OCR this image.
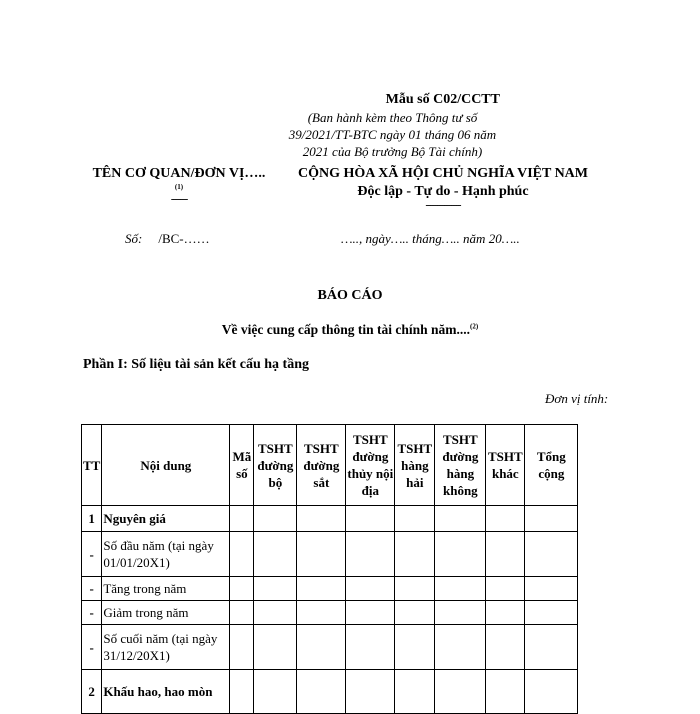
Mẫu số C02/CCTT
(Ban hành kèm theo Thông tư số 39/2021/TT-BTC ngày 01 tháng 06 năm 2021 của Bộ trưởng Bộ Tài chính)
TÊN CƠ QUAN/ĐƠN VỊ…..
(1)
-------
CỘNG HÒA XÃ HỘI CHỦ NGHĨA VIỆT NAM
Độc lập - Tự do - Hạnh phúc
---------------
Số: /BC-……	….., ngày….. tháng….. năm 20…..
BÁO CÁO
Về việc cung cấp thông tin tài chính năm....$^{(2)}$
Phần I: Số liệu tài sản kết cấu hạ tầng
Đơn vị tính:
TT	Nội dung	Mã số	TSHT đường bộ	TSHT đường sắt	TSHT đường thủy nội địa	TSHT hàng hải	TSHT đường hàng không	TSHT khác	Tổng cộng
1	Nguyên giá								
-	Số đầu năm (tại ngày 01/01/20X1)								
-	Tăng trong năm								
-	Giảm trong năm								
-	Số cuối năm (tại ngày 31/12/20X1)								
2	Khấu hao, hao mòn								
